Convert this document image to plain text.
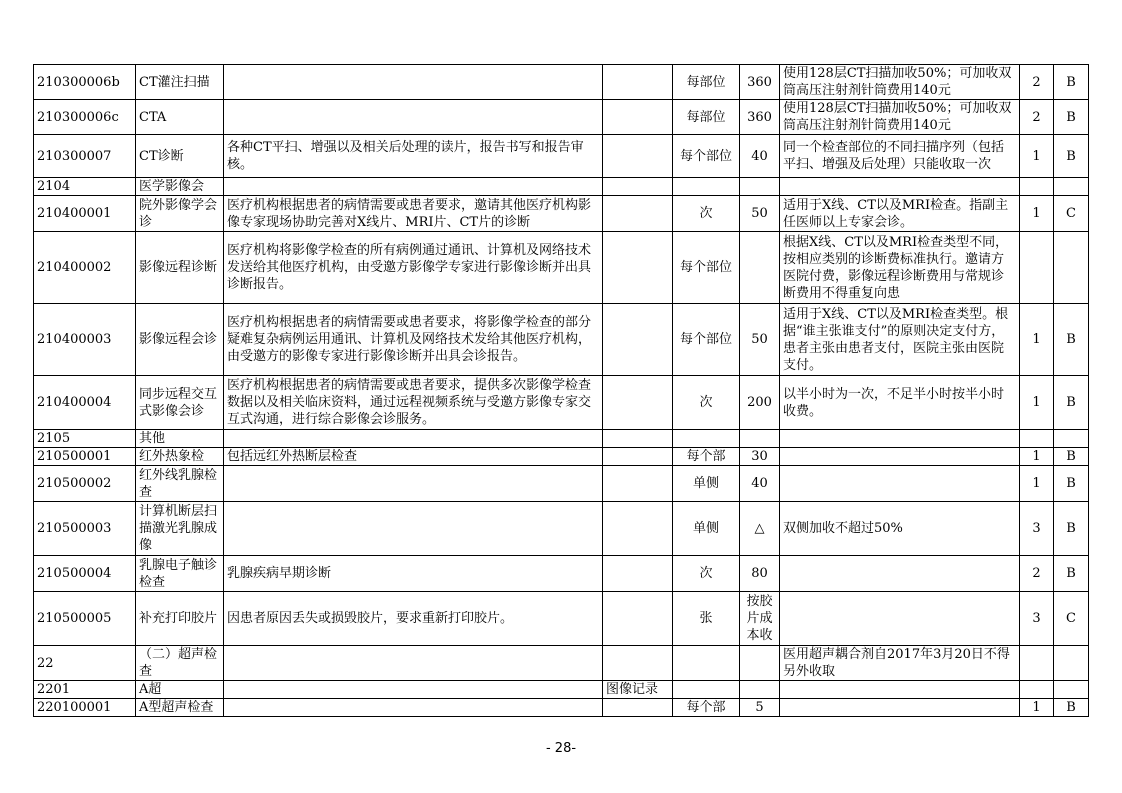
210300006b	CT灌注扫描			每部位	360	使用128层CT扫描加收50%；可加收双筒高压注射剂针筒费用140元	2	B
210300006c	CTA			每部位	360	使用128层CT扫描加收50%；可加收双筒高压注射剂针筒费用140元	2	B
210300007	CT诊断	各种CT平扫、增强以及相关后处理的读片，报告书写和报告审核。		每个部位	40	同一个检查部位的不同扫描序列（包括平扫、增强及后处理）只能收取一次	1	B
2104	医学影像会							
210400001	院外影像学会诊	医疗机构根据患者的病情需要或患者要求，邀请其他医疗机构影像专家现场协助完善对X线片、MRI片、CT片的诊断		次	50	适用于X线、CT以及MRI检查。指副主任医师以上专家会诊。	1	C
210400002	影像远程诊断	医疗机构将影像学检查的所有病例通过通讯、计算机及网络技术发送给其他医疗机构，由受邀方影像学专家进行影像诊断并出具诊断报告。		每个部位		根据X线、CT以及MRI检查类型不同，按相应类别的诊断费标准执行。邀请方医院付费，影像远程诊断费用与常规诊断费用不得重复向患		
210400003	影像远程会诊	医疗机构根据患者的病情需要或患者要求，将影像学检查的部分疑难复杂病例运用通讯、计算机及网络技术发给其他医疗机构，由受邀方的影像专家进行影像诊断并出具会诊报告。		每个部位	50	适用于X线、CT以及MRI检查类型。根据“谁主张谁支付”的原则决定支付方，患者主张由患者支付，医院主张由医院支付。	1	B
210400004	同步远程交互式影像会诊	医疗机构根据患者的病情需要或患者要求，提供多次影像学检查数据以及相关临床资料，通过远程视频系统与受邀方影像专家交互式沟通，进行综合影像会诊服务。		次	200	以半小时为一次，不足半小时按半小时收费。	1	B
2105	其他							
210500001	红外热象检	包括远红外热断层检查		每个部	30		1	B
210500002	红外线乳腺检查			单侧	40		1	B
210500003	计算机断层扫描激光乳腺成像			单侧	△	双侧加收不超过50%	3	B
210500004	乳腺电子触诊检查	乳腺疾病早期诊断		次	80		2	B
210500005	补充打印胶片	因患者原因丢失或损毁胶片，要求重新打印胶片。		张	按胶片成本收		3	C
22	（二）超声检查					医用超声耦合剂自2017年3月20日不得另外收取		
2201	A超		图像记录					
220100001	A型超声检查			每个部	5		1	B
- 28-
